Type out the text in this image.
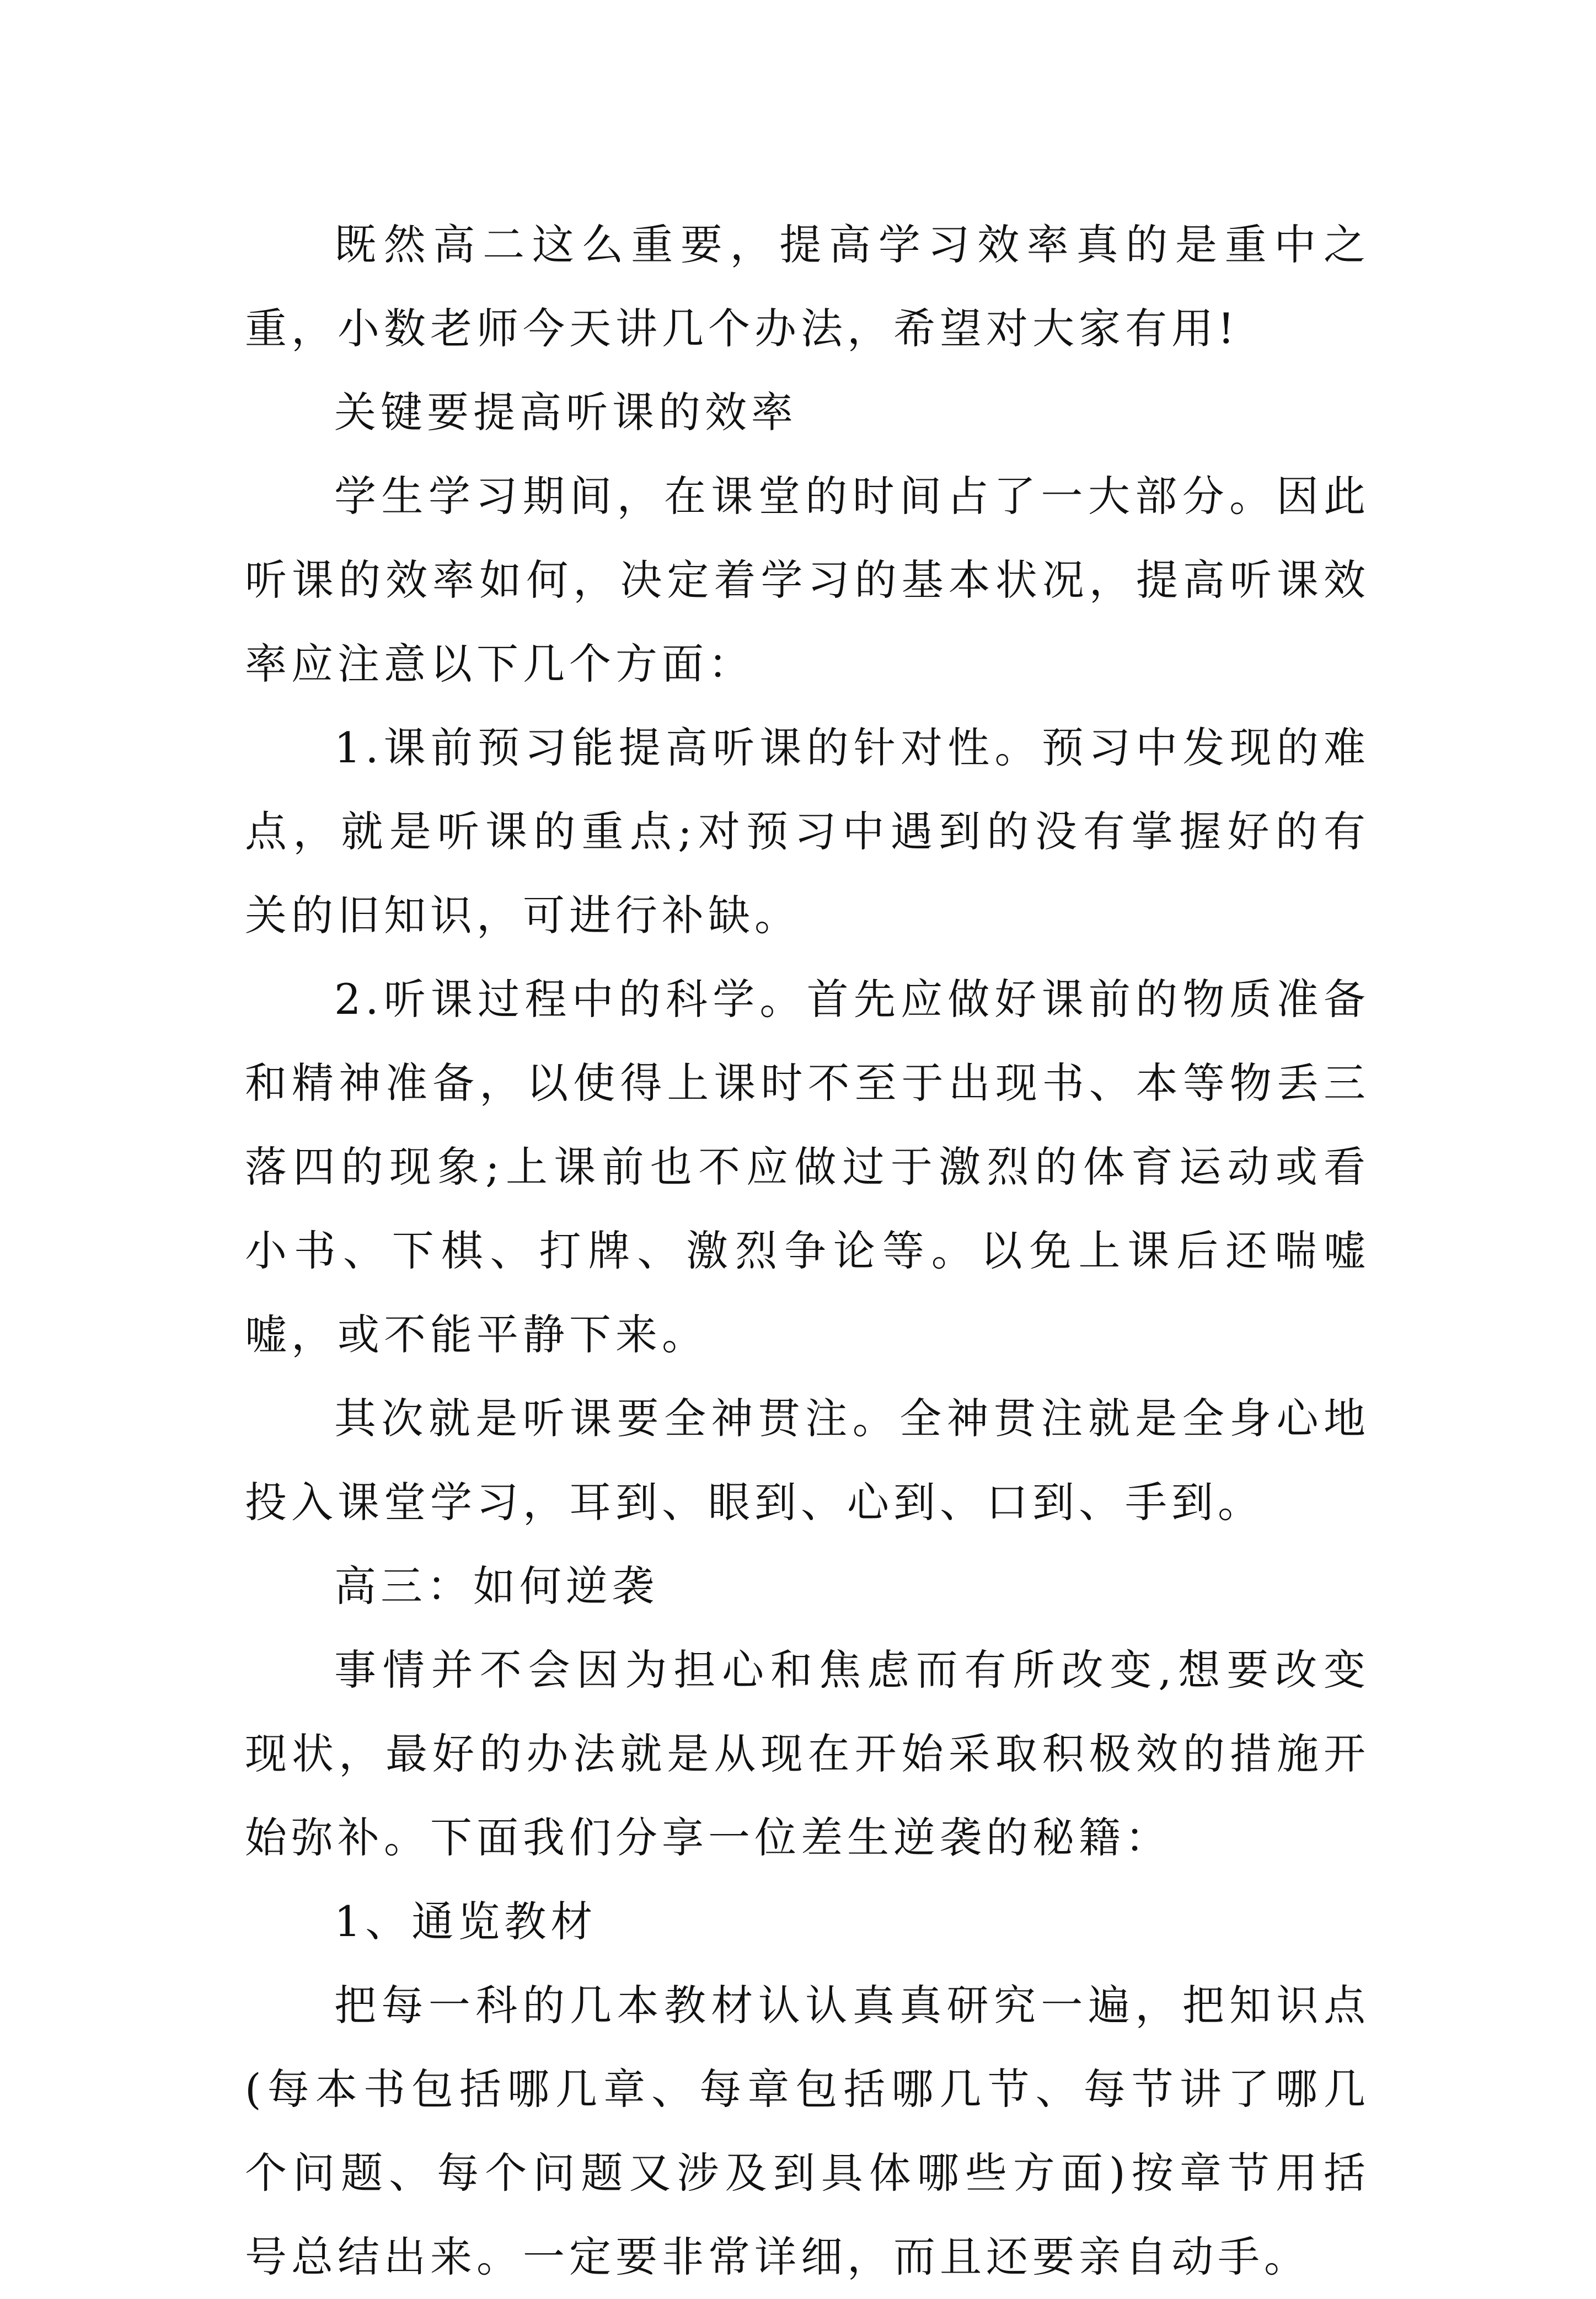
既然高二这么重要，提高学习效率真的是重中之重，小数老师今天讲几个办法，希望对大家有用!

关键要提高听课的效率

学生学习期间，在课堂的时间占了一大部分。因此听课的效率如何，决定着学习的基本状况，提高听课效率应注意以下几个方面：

1.课前预习能提高听课的针对性。预习中发现的难点，就是听课的重点;对预习中遇到的没有掌握好的有关的旧知识，可进行补缺。

2.听课过程中的科学。首先应做好课前的物质准备和精神准备，以使得上课时不至于出现书、本等物丢三落四的现象;上课前也不应做过于激烈的体育运动或看小书、下棋、打牌、激烈争论等。以免上课后还喘嘘嘘，或不能平静下来。

其次就是听课要全神贯注。全神贯注就是全身心地投入课堂学习，耳到、眼到、心到、口到、手到。

高三：如何逆袭

事情并不会因为担心和焦虑而有所改变,想要改变现状，最好的办法就是从现在开始采取积极效的措施开始弥补。下面我们分享一位差生逆袭的秘籍：

1、通览教材

把每一科的几本教材认认真真研究一遍，把知识点(每本书包括哪几章、每章包括哪几节、每节讲了哪几个问题、每个问题又涉及到具体哪些方面)按章节用括号总结出来。一定要非常详细，而且还要亲自动手。
